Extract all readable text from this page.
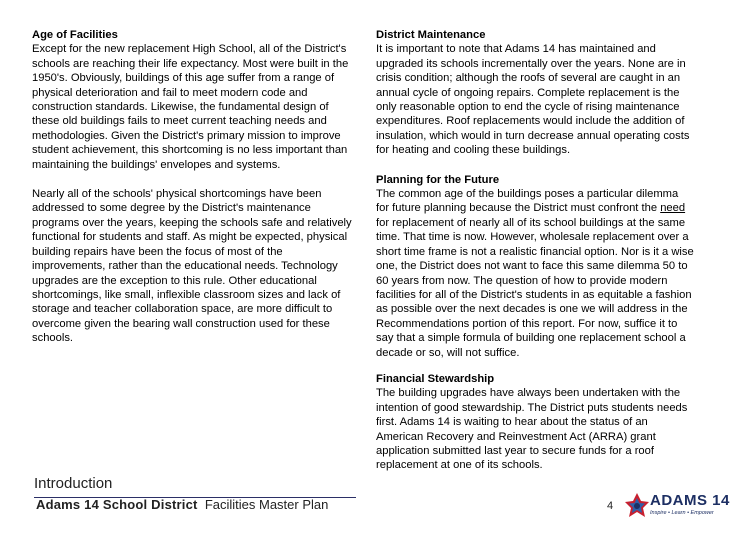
Age of Facilities
Except for the new replacement High School, all of the District's schools are reaching their life expectancy. Most were built in the 1950's. Obviously, buildings of this age suffer from a range of physical deterioration and fail to meet modern code and construction standards. Likewise, the fundamental design of these old buildings fails to meet current teaching needs and methodologies. Given the District's primary mission to improve student achievement, this shortcoming is no less important than maintaining the buildings' envelopes and systems.
Nearly all of the schools' physical shortcomings have been addressed to some degree by the District's maintenance programs over the years, keeping the schools safe and relatively functional for students and staff. As might be expected, physical building repairs have been the focus of most of the improvements, rather than the educational needs. Technology upgrades are the exception to this rule. Other educational shortcomings, like small, inflexible classroom sizes and lack of storage and teacher collaboration space, are more difficult to overcome given the bearing wall construction used for these schools.
District Maintenance
It is important to note that Adams 14 has maintained and upgraded its schools incrementally over the years. None are in crisis condition; although the roofs of several are caught in an annual cycle of ongoing repairs. Complete replacement is the only reasonable option to end the cycle of rising maintenance expenditures. Roof replacements would include the addition of insulation, which would in turn decrease annual operating costs for heating and cooling these buildings.
Planning for the Future
The common age of the buildings poses a particular dilemma for future planning because the District must confront the need for replacement of nearly all of its school buildings at the same time. That time is now. However, wholesale replacement over a short time frame is not a realistic financial option. Nor is it a wise one, the District does not want to face this same dilemma 50 to 60 years from now. The question of how to provide modern facilities for all of the District's students in as equitable a fashion as possible over the next decades is one we will address in the Recommendations portion of this report. For now, suffice it to say that a simple formula of building one replacement school a decade or so, will not suffice.
Financial Stewardship
The building upgrades have always been undertaken with the intention of good stewardship. The District puts students needs first. Adams 14 is waiting to hear about the status of an American Recovery and Reinvestment Act (ARRA) grant application submitted last year to secure funds for a roof replacement at one of its schools.
Introduction
Adams 14 School District Facilities Master Plan	4 ADAMS 14
Inspire • Learn • Empower
